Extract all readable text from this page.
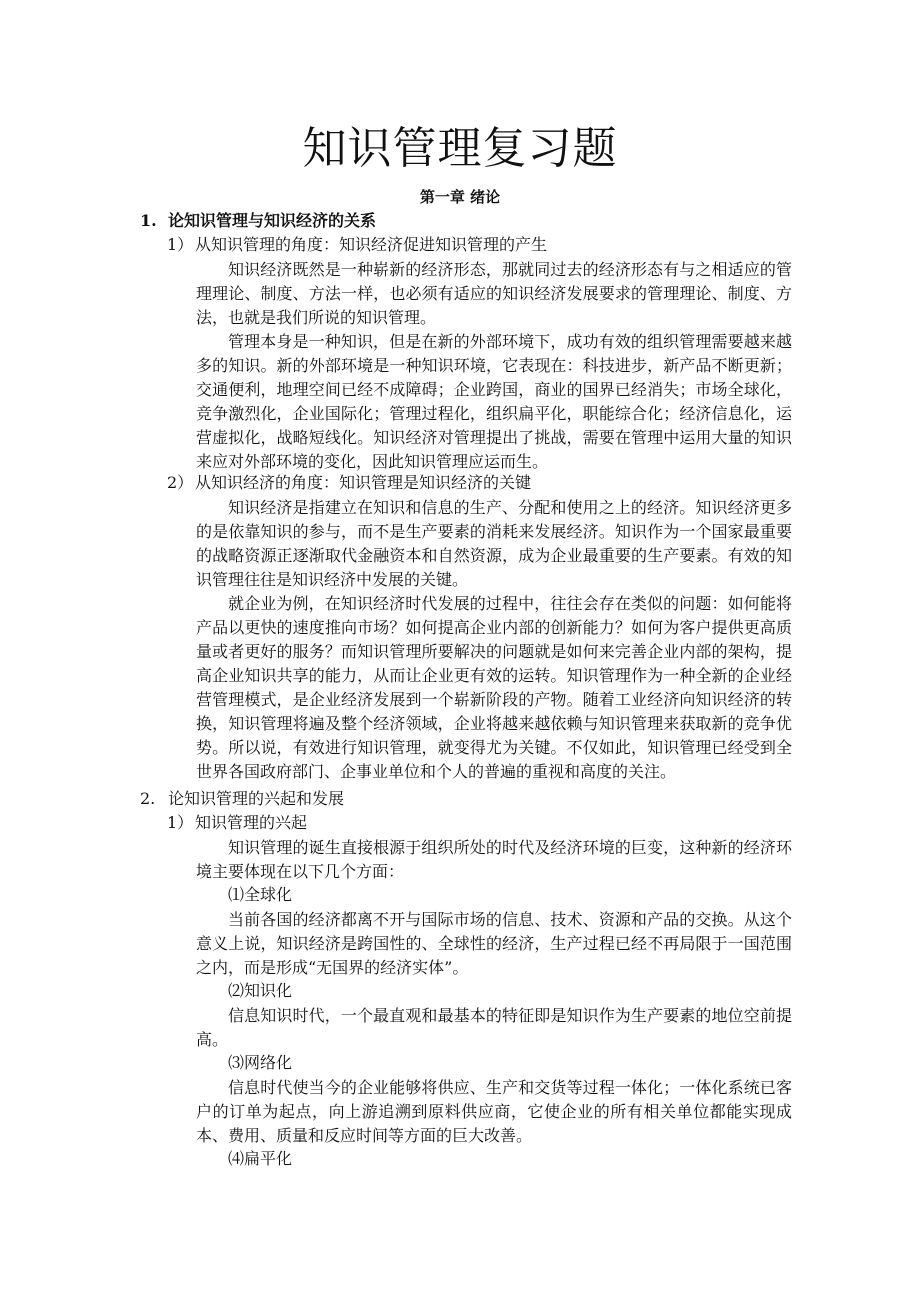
知识管理复习题
第一章 绪论
1. 论知识管理与知识经济的关系
1） 从知识管理的角度：知识经济促进知识管理的产生
知识经济既然是一种崭新的经济形态，那就同过去的经济形态有与之相适应的管理理论、制度、方法一样，也必须有适应的知识经济发展要求的管理理论、制度、方法，也就是我们所说的知识管理。
管理本身是一种知识，但是在新的外部环境下，成功有效的组织管理需要越来越多的知识。新的外部环境是一种知识环境，它表现在：科技进步，新产品不断更新；交通便利，地理空间已经不成障碍；企业跨国，商业的国界已经消失；市场全球化，竞争激烈化，企业国际化；管理过程化，组织扁平化，职能综合化；经济信息化，运营虚拟化，战略短线化。知识经济对管理提出了挑战，需要在管理中运用大量的知识来应对外部环境的变化，因此知识管理应运而生。
2） 从知识经济的角度：知识管理是知识经济的关键
知识经济是指建立在知识和信息的生产、分配和使用之上的经济。知识经济更多的是依靠知识的参与，而不是生产要素的消耗来发展经济。知识作为一个国家最重要的战略资源正逐渐取代金融资本和自然资源，成为企业最重要的生产要素。有效的知识管理往往是知识经济中发展的关键。
就企业为例，在知识经济时代发展的过程中，往往会存在类似的问题：如何能将产品以更快的速度推向市场？如何提高企业内部的创新能力？如何为客户提供更高质量或者更好的服务？而知识管理所要解决的问题就是如何来完善企业内部的架构，提高企业知识共享的能力，从而让企业更有效的运转。知识管理作为一种全新的企业经营管理模式，是企业经济发展到一个崭新阶段的产物。随着工业经济向知识经济的转换，知识管理将遍及整个经济领域，企业将越来越依赖与知识管理来获取新的竞争优势。所以说，有效进行知识管理，就变得尤为关键。不仅如此，知识管理已经受到全世界各国政府部门、企事业单位和个人的普遍的重视和高度的关注。
2. 论知识管理的兴起和发展
1） 知识管理的兴起
知识管理的诞生直接根源于组织所处的时代及经济环境的巨变，这种新的经济环境主要体现在以下几个方面：
⑴全球化
当前各国的经济都离不开与国际市场的信息、技术、资源和产品的交换。从这个意义上说，知识经济是跨国性的、全球性的经济，生产过程已经不再局限于一国范围之内，而是形成“无国界的经济实体”。
⑵知识化
信息知识时代，一个最直观和最基本的特征即是知识作为生产要素的地位空前提高。
⑶网络化
信息时代使当今的企业能够将供应、生产和交货等过程一体化；一体化系统已客户的订单为起点，向上游追溯到原料供应商，它使企业的所有相关单位都能实现成本、费用、质量和反应时间等方面的巨大改善。
⑷扁平化
